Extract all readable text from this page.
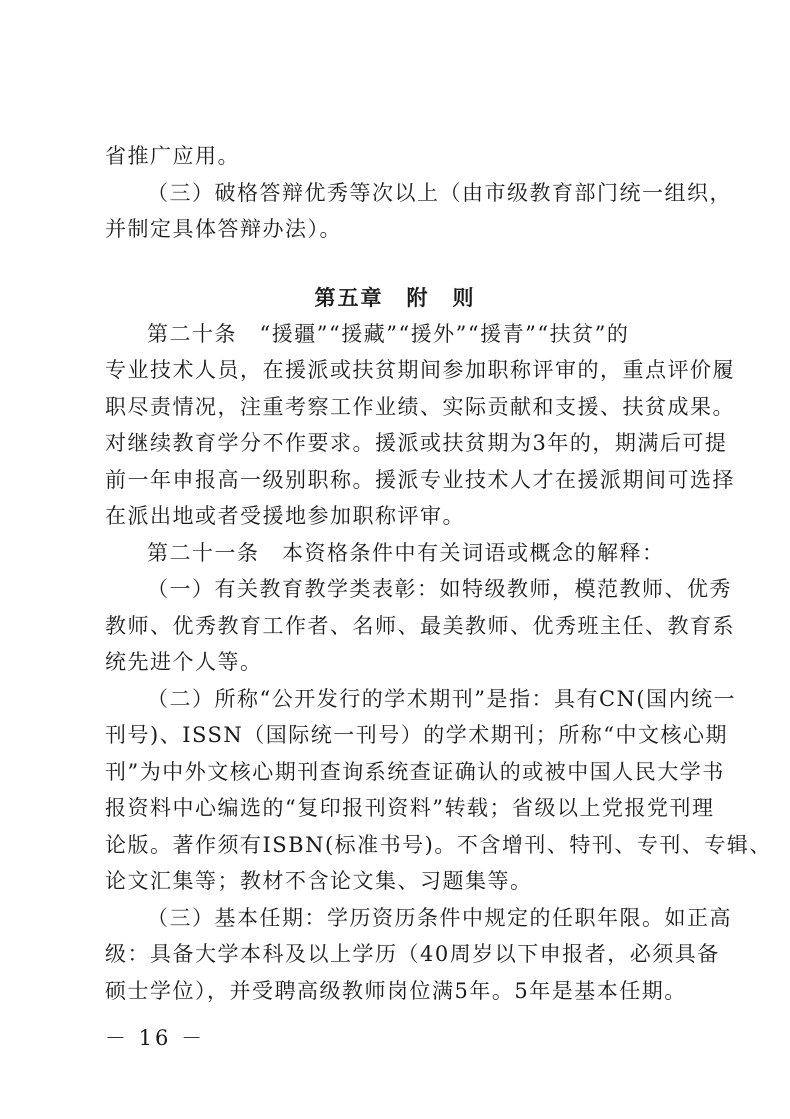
省推广应用。
（三）破格答辩优秀等次以上（由市级教育部门统一组织，
并制定具体答辩办法）。
第五章　附　则
第二十条　“援疆”“援藏”“援外”“援青”“扶贫”的
专业技术人员，在援派或扶贫期间参加职称评审的，重点评价履
职尽责情况，注重考察工作业绩、实际贡献和支援、扶贫成果。
对继续教育学分不作要求。援派或扶贫期为3年的，期满后可提
前一年申报高一级别职称。援派专业技术人才在援派期间可选择
在派出地或者受援地参加职称评审。
第二十一条　本资格条件中有关词语或概念的解释：
（一）有关教育教学类表彰：如特级教师，模范教师、优秀
教师、优秀教育工作者、名师、最美教师、优秀班主任、教育系
统先进个人等。
（二）所称“公开发行的学术期刊”是指：具有CN(国内统一
刊号)、ISSN（国际统一刊号）的学术期刊；所称“中文核心期
刊”为中外文核心期刊查询系统查证确认的或被中国人民大学书
报资料中心编选的“复印报刊资料”转载；省级以上党报党刊理
论版。著作须有ISBN(标准书号)。不含增刊、特刊、专刊、专辑、
论文汇集等；教材不含论文集、习题集等。
（三）基本任期：学历资历条件中规定的任职年限。如正高
级：具备大学本科及以上学历（40周岁以下申报者，必须具备
硕士学位），并受聘高级教师岗位满5年。5年是基本任期。
－ 16 －
